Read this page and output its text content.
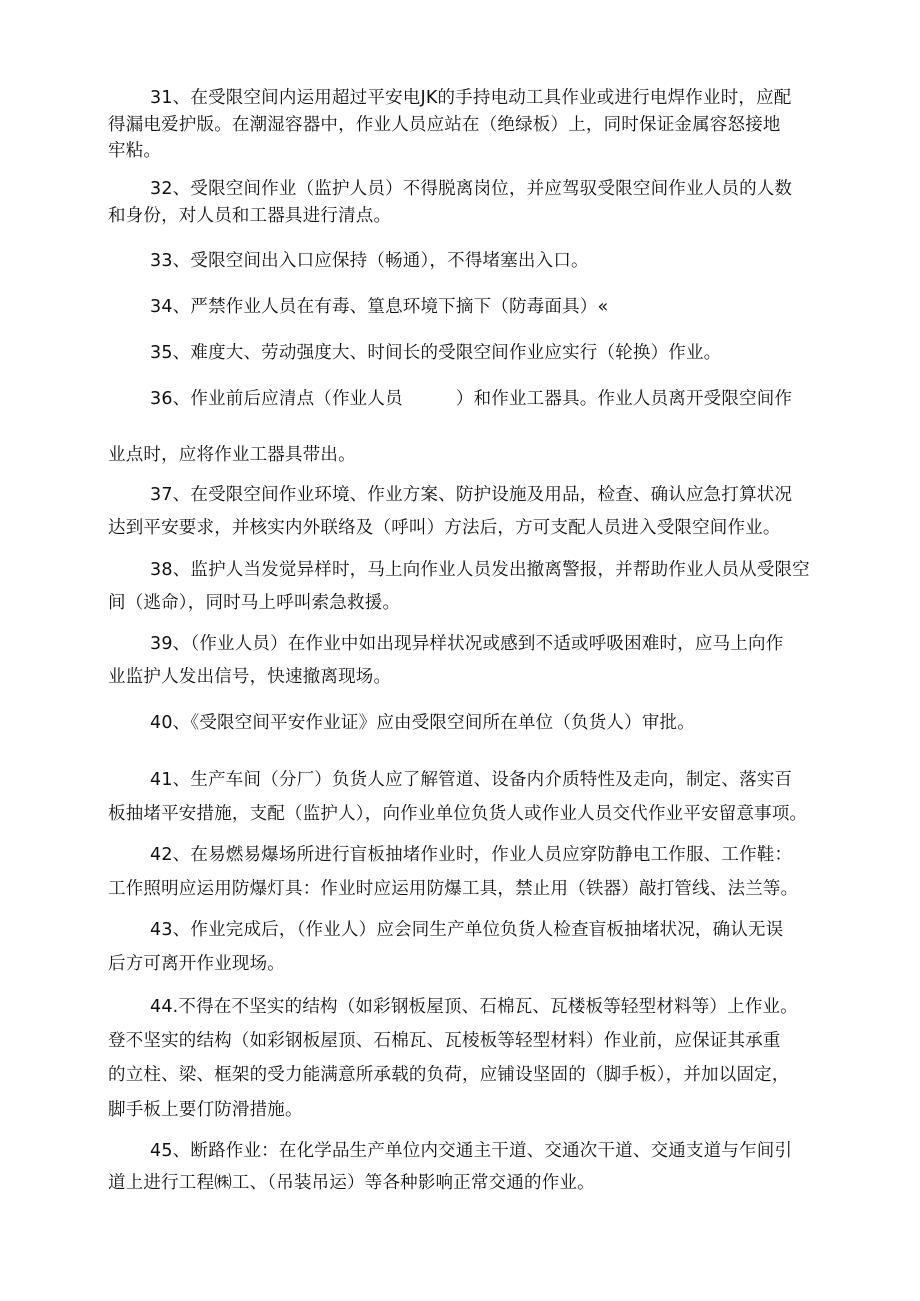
31、在受限空间内运用超过平安电JK的手持电动工具作业或进行电焊作业时，应配
得漏电爱护版。在潮湿容器中，作业人员应站在（绝绿板）上，同时保证金属容怒接地
牢粘。
32、受限空间作业（监护人员）不得脱离岗位，并应驾驭受限空间作业人员的人数
和身份，对人员和工器具进行清点。
33、受限空间出入口应保持（畅通），不得堵塞出入口。
34、严禁作业人员在有毒、篁息环境下摘下（防毒面具）«
35、难度大、劳动强度大、时间长的受限空间作业应实行（轮换）作业。
36、作业前后应清点（作业人员　　　）和作业工器具。作业人员离开受限空间作
业点时，应将作业工器具带出。
37、在受限空间作业环境、作业方案、防护设施及用品，检查、确认应急打算状况
达到平安要求，并核实内外联络及（呼叫）方法后，方可支配人员进入受限空间作业。
38、监护人当发觉异样时，马上向作业人员发出撤离警报，并帮助作业人员从受限空
间（逃命），同时马上呼叫索急救援。
39、（作业人员）在作业中如出现异样状况或感到不适或呼吸困难时，应马上向作
业监护人发出信号，快速撤离现场。
40、《受限空间平安作业证》应由受限空间所在单位（负货人）审批。
41、生产车间（分厂）负货人应了解管道、设备内介质特性及走向，制定、落实百
板抽堵平安措施，支配（监护人），向作业单位负货人或作业人员交代作业平安留意事项。
42、在易燃易爆场所进行盲板抽堵作业时，作业人员应穿防静电工作服、工作鞋：
工作照明应运用防爆灯具：作业时应运用防爆工具，禁止用（铁器）敲打管线、法兰等。
43、作业完成后，（作业人）应会同生产单位负货人检查盲板抽堵状况，确认无误
后方可离开作业现场。
44.不得在不坚实的结构（如彩钢板屋顶、石棉瓦、瓦楼板等轻型材料等）上作业。
登不坚实的结构（如彩钢板屋顶、石棉瓦、瓦棱板等轻型材料）作业前，应保证其承重
的立柱、梁、框架的受力能满意所承载的负荷，应铺设坚固的（脚手板），并加以固定，
脚手板上要仃防滑措施。
45、断路作业：在化学品生产单位内交通主干道、交通次干道、交通支道与乍间引
道上进行工程㈱工、（吊装吊运）等各种影响正常交通的作业。
